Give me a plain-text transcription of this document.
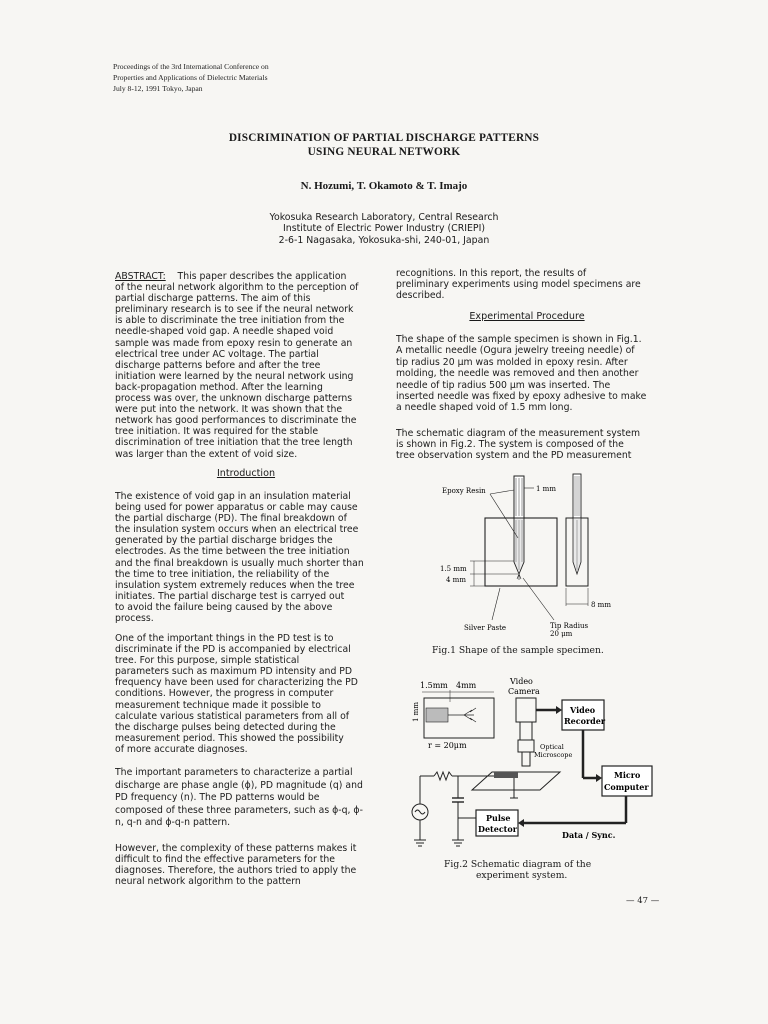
Proceedings of the 3rd International Conference on
Properties and Applications of Dielectric Materials
July 8-12, 1991 Tokyo, Japan
DISCRIMINATION OF PARTIAL DISCHARGE PATTERNS
USING NEURAL NETWORK
N. Hozumi, T. Okamoto & T. Imajo
Yokosuka Research Laboratory, Central Research
Institute of Electric Power Industry (CRIEPI)
2-6-1 Nagasaka, Yokosuka-shi, 240-01, Japan
ABSTRACT: This paper describes the application
of the neural network algorithm to the perception of
partial discharge patterns. The aim of this
preliminary research is to see if the neural network
is able to discriminate the tree initiation from the
needle-shaped void gap. A needle shaped void
sample was made from epoxy resin to generate an
electrical tree under AC voltage. The partial
discharge patterns before and after the tree
initiation were learned by the neural network using
back-propagation method. After the learning
process was over, the unknown discharge patterns
were put into the network. It was shown that the
network has good performances to discriminate the
tree initiation. It was required for the stable
discrimination of tree initiation that the tree length
was larger than the extent of void size.
Introduction
The existence of void gap in an insulation material
being used for power apparatus or cable may cause
the partial discharge (PD). The final breakdown of
the insulation system occurs when an electrical tree
generated by the partial discharge bridges the
electrodes. As the time between the tree initiation
and the final breakdown is usually much shorter than
the time to tree initiation, the reliability of the
insulation system extremely reduces when the tree
initiates. The partial discharge test is carryed out
to avoid the failure being caused by the above
process.
One of the important things in the PD test is to
discriminate if the PD is accompanied by electrical
tree. For this purpose, simple statistical
parameters such as maximum PD intensity and PD
frequency have been used for characterizing the PD
conditions. However, the progress in computer
measurement technique made it possible to
calculate various statistical parameters from all of
the discharge pulses being detected during the
measurement period. This showed the possibility
of more accurate diagnoses.
The important parameters to characterize a partial
discharge are phase angle (ϕ), PD magnitude (q) and
PD frequency (n). The PD patterns would be
composed of these three parameters, such as ϕ-q, ϕ-
n, q-n and ϕ-q-n pattern.
However, the complexity of these patterns makes it
difficult to find the effective parameters for the
diagnoses. Therefore, the authors tried to apply the
neural network algorithm to the pattern
recognitions. In this report, the results of
preliminary experiments using model specimens are
described.
Experimental Procedure
The shape of the sample specimen is shown in Fig.1.
A metallic needle (Ogura jewelry treeing needle) of
tip radius 20 μm was molded in epoxy resin. After
molding, the needle was removed and then another
needle of tip radius 500 μm was inserted. The
inserted needle was fixed by epoxy adhesive to make
a needle shaped void of 1.5 mm long.
The schematic diagram of the measurement system
is shown in Fig.2. The system is composed of the
tree observation system and the PD measurement
Epoxy Resin	1 mm
1.5 mm
4 mm
8 mm
Silver Paste	Tip Radius
20 μm
Fig.1 Shape of the sample specimen.
1.5mm 4mm
1 mm
r = 20μm
Video
Camera
Optical
Microscope
Video
Recorder
Micro
Computer
Pulse
Detector
Data / Sync.
Fig.2 Schematic diagram of the
experiment system.
— 47 —
